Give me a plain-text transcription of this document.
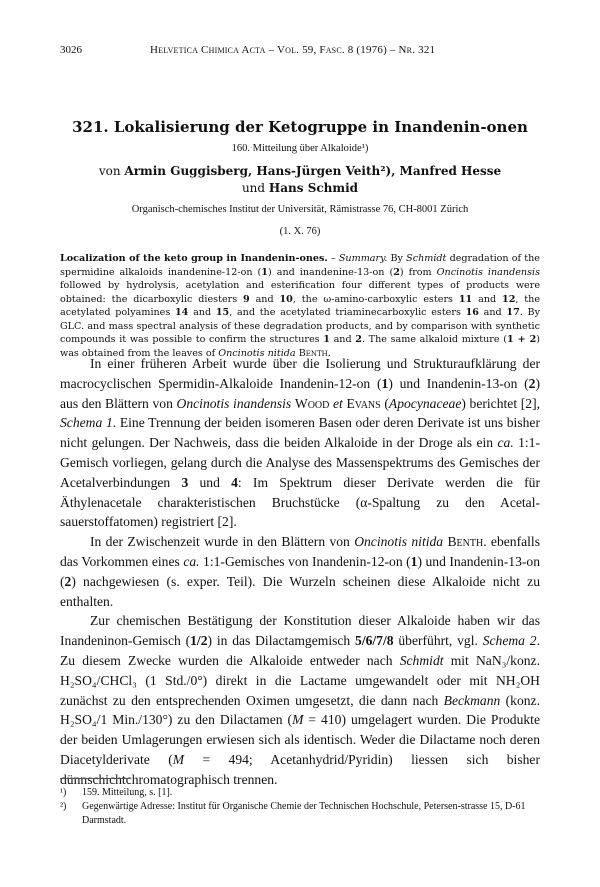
3026	Helvetica Chimica Acta – Vol. 59, Fasc. 8 (1976) – Nr. 321
321. Lokalisierung der Ketogruppe in Inandenin-onen
160. Mitteilung über Alkaloide¹)
von Armin Guggisberg, Hans-Jürgen Veith²), Manfred Hesse
und Hans Schmid
Organisch-chemisches Institut der Universität, Rämistrasse 76, CH-8001 Zürich
(1. X. 76)
Localization of the keto group in Inandenin-ones. – Summary. By Schmidt degradation of the spermidine alkaloids inandenine-12-on (1) and inandenine-13-on (2) from Oncinotis inandensis followed by hydrolysis, acetylation and esterification four different types of products were obtained: the dicarboxylic diesters 9 and 10, the ω-amino-carboxylic esters 11 and 12, the acetylated polyamines 14 and 15, and the acetylated triaminecarboxylic esters 16 and 17. By GLC. and mass spectral analysis of these degradation products, and by comparison with synthetic compounds it was possible to confirm the structures 1 and 2. The same alkaloid mixture (1 + 2) was obtained from the leaves of Oncinotis nitida Benth.

In einer früheren Arbeit wurde über die Isolierung und Strukturaufklärung der macrocyclischen Spermidin-Alkaloide Inandenin-12-on (1) und Inandenin-13-on (2) aus den Blättern von Oncinotis inandensis Wood et Evans (Apocynaceae) berichtet [2], Schema 1. Eine Trennung der beiden isomeren Basen oder deren Derivate ist uns bisher nicht gelungen. Der Nachweis, dass die beiden Alkaloide in der Droge als ein ca. 1:1-Gemisch vorliegen, gelang durch die Analyse des Massenspektrums des Gemisches der Acetalverbindungen 3 und 4: Im Spektrum dieser Derivate werden die für Äthylenacetale charakteristischen Bruchstücke (α-Spaltung zu den Acetal-sauerstoffatomen) registriert [2].

In der Zwischenzeit wurde in den Blättern von Oncinotis nitida Benth. ebenfalls das Vorkommen eines ca. 1:1-Gemisches von Inandenin-12-on (1) und Inandenin-13-on (2) nachgewiesen (s. exper. Teil). Die Wurzeln scheinen diese Alkaloide nicht zu enthalten.

Zur chemischen Bestätigung der Konstitution dieser Alkaloide haben wir das Inandeninon-Gemisch (1/2) in das Dilactamgemisch 5/6/7/8 überführt, vgl. Schema 2. Zu diesem Zwecke wurden die Alkaloide entweder nach Schmidt mit NaN₃/konz. H₂SO₄/CHCl₃ (1 Std./0°) direkt in die Lactame umgewandelt oder mit NH₂OH zunächst zu den entsprechenden Oximen umgesetzt, die dann nach Beckmann (konz. H₂SO₄/1 Min./130°) zu den Dilactamen (M = 410) umgelagert wurden. Die Produkte der beiden Umlagerungen erwiesen sich als identisch. Weder die Dilactame noch deren Diacetylderivate (M = 494; Acetanhydrid/Pyridin) liessen sich bisher dünnschichtchromatographisch trennen.

¹)	159. Mitteilung, s. [1].
²)	Gegenwärtige Adresse: Institut für Organische Chemie der Technischen Hochschule, Petersen-strasse 15, D-61 Darmstadt.
